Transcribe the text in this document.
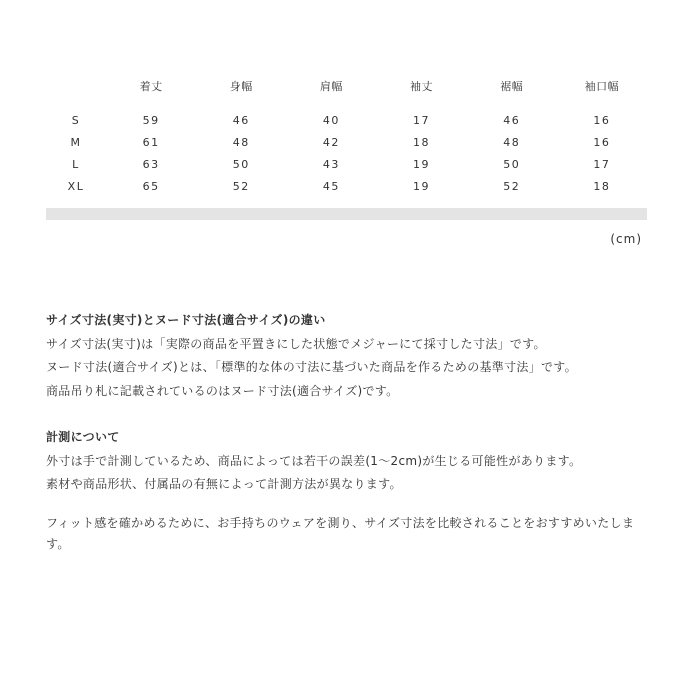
	着丈	身幅	肩幅	袖丈	裾幅	袖口幅

S	59	46	40	17	46	16
M	61	48	42	18	48	16
L	63	50	43	19	50	17
XL	65	52	45	19	52	18
(cm)

サイズ寸法(実寸)とヌード寸法(適合サイズ)の違い

サイズ寸法(実寸)は「実際の商品を平置きにした状態でメジャーにて採寸した寸法」です。

ヌード寸法(適合サイズ)とは、「標準的な体の寸法に基づいた商品を作るための基準寸法」です。

商品吊り札に記載されているのはヌード寸法(適合サイズ)です。

計測について

外寸は手で計測しているため、商品によっては若干の誤差(1〜2cm)が生じる可能性があります。

素材や商品形状、付属品の有無によって計測方法が異なります。

フィット感を確かめるために、お手持ちのウェアを測り、サイズ寸法を比較されることをおすすめいたします。
